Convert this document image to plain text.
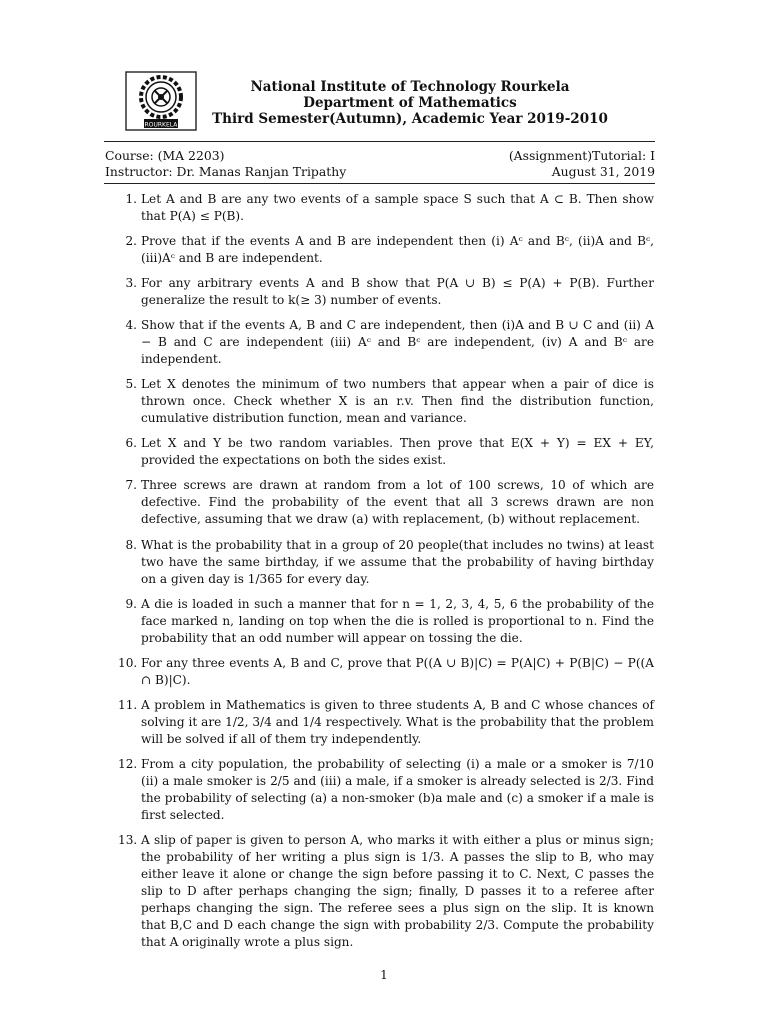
ROURKELA
National Institute of Technology Rourkela
Department of Mathematics
Third Semester(Autumn), Academic Year 2019-2010
Course: (MA 2203)	(Assignment)Tutorial: I
Instructor: Dr. Manas Ranjan Tripathy	August 31, 2019
1. Let A and B are any two events of a sample space S such that A ⊂ B. Then show that P(A) ≤ P(B).
2. Prove that if the events A and B are independent then (i) Aᶜ and Bᶜ, (ii)A and Bᶜ,(iii)Aᶜ and B are independent.
3. For any arbitrary events A and B show that P(A ∪ B) ≤ P(A) + P(B). Further generalize the result to k(≥ 3) number of events.
4. Show that if the events A, B and C are independent, then (i)A and B ∪ C and (ii) A − B and C are independent (iii) Aᶜ and Bᶜ are independent, (iv) A and Bᶜ are independent.
5. Let X denotes the minimum of two numbers that appear when a pair of dice is thrown once. Check whether X is an r.v. Then find the distribution function, cumulative distribution function, mean and variance.
6. Let X and Y be two random variables. Then prove that E(X + Y) = EX + EY, provided the expectations on both the sides exist.
7. Three screws are drawn at random from a lot of 100 screws, 10 of which are defective. Find the probability of the event that all 3 screws drawn are non defective, assuming that we draw (a) with replacement, (b) without replacement.
8. What is the probability that in a group of 20 people(that includes no twins) at least two have the same birthday, if we assume that the probability of having birthday on a given day is 1/365 for every day.
9. A die is loaded in such a manner that for n = 1, 2, 3, 4, 5, 6 the probability of the face marked n, landing on top when the die is rolled is proportional to n. Find the probability that an odd number will appear on tossing the die.
10. For any three events A, B and C, prove that P((A ∪ B)|C) = P(A|C) + P(B|C) − P((A ∩ B)|C).
11. A problem in Mathematics is given to three students A, B and C whose chances of solving it are 1/2, 3/4 and 1/4 respectively. What is the probability that the problem will be solved if all of them try independently.
12. From a city population, the probability of selecting (i) a male or a smoker is 7/10 (ii) a male smoker is 2/5 and (iii) a male, if a smoker is already selected is 2/3. Find the probability of selecting (a) a non-smoker (b)a male and (c) a smoker if a male is first selected.
13. A slip of paper is given to person A, who marks it with either a plus or minus sign; the probability of her writing a plus sign is 1/3. A passes the slip to B, who may either leave it alone or change the sign before passing it to C. Next, C passes the slip to D after perhaps changing the sign; finally, D passes it to a referee after perhaps changing the sign. The referee sees a plus sign on the slip. It is known that B,C and D each change the sign with probability 2/3. Compute the probability that A originally wrote a plus sign.
1
